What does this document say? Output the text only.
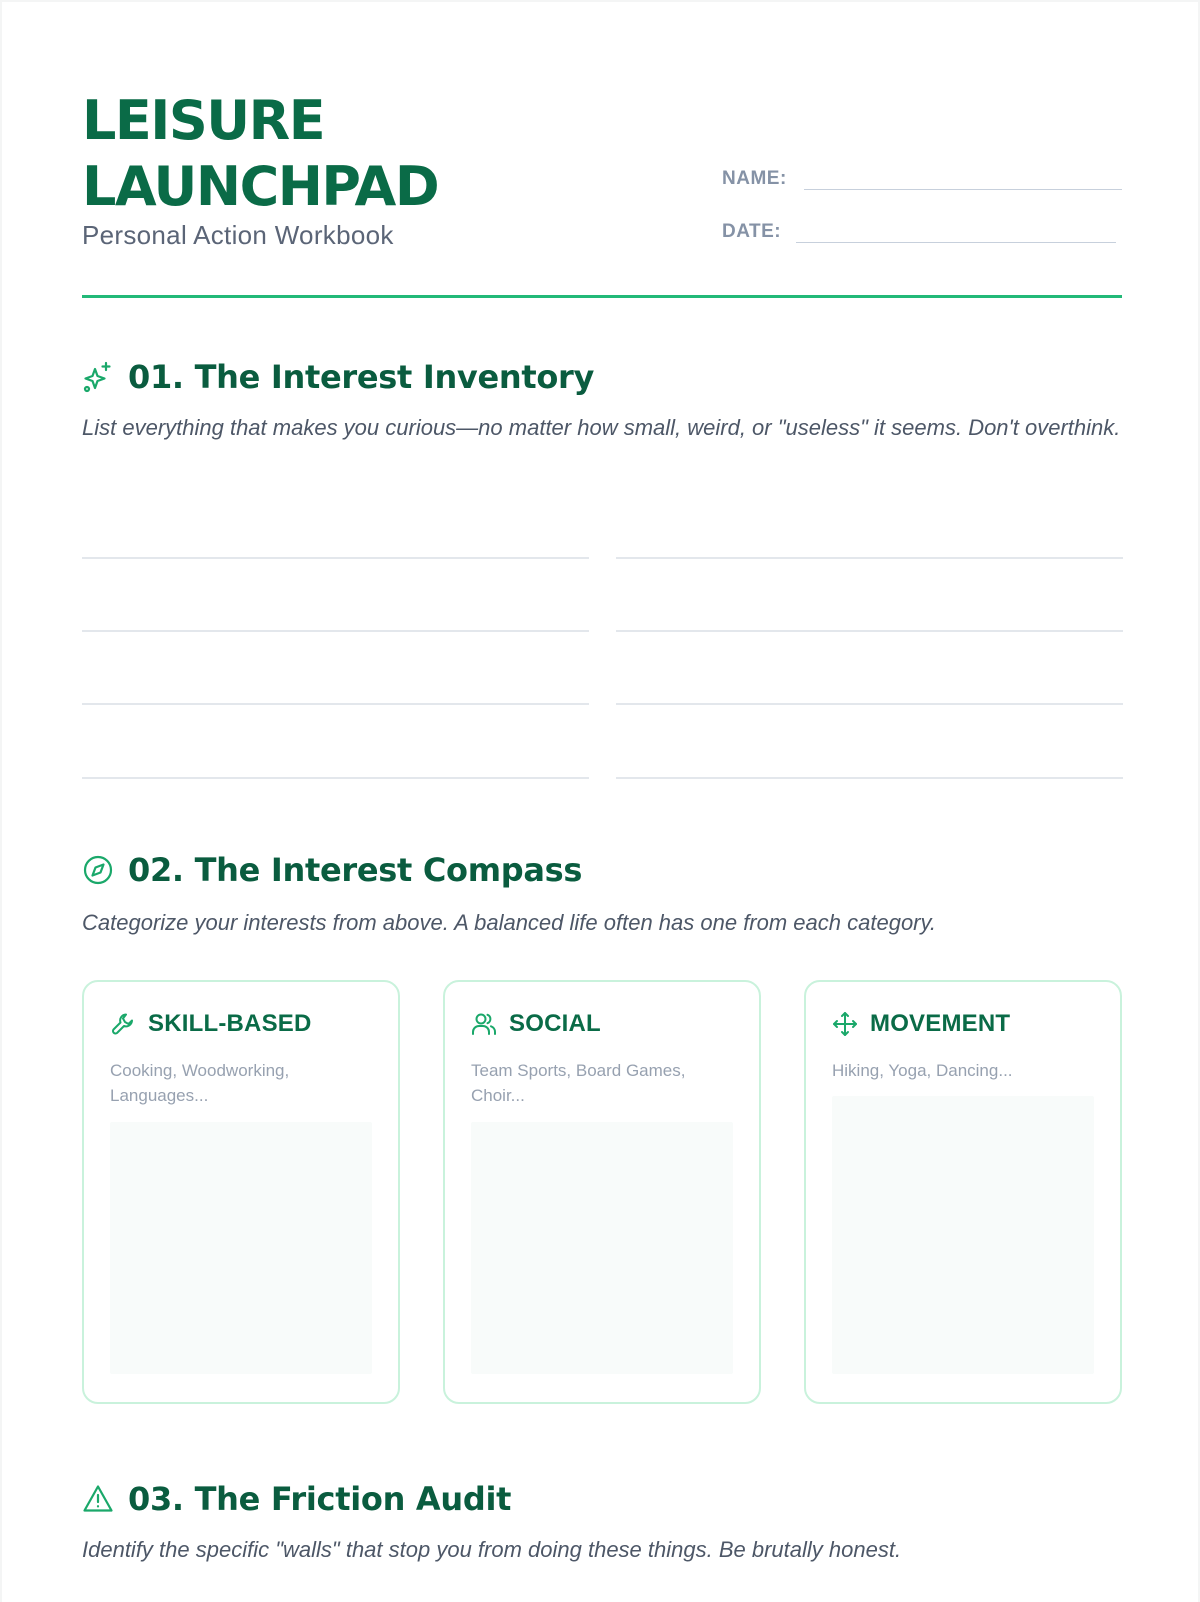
LEISURE
LAUNCHPAD
Personal Action Workbook
NAME:
DATE:
01. The Interest Inventory
List everything that makes you curious—no matter how small, weird, or "useless" it seems. Don't overthink.
02. The Interest Compass
Categorize your interests from above. A balanced life often has one from each category.
SKILL-BASED
Cooking, Woodworking, Languages...
SOCIAL
Team Sports, Board Games, Choir...
MOVEMENT
Hiking, Yoga, Dancing...
03. The Friction Audit
Identify the specific "walls" that stop you from doing these things. Be brutally honest.
